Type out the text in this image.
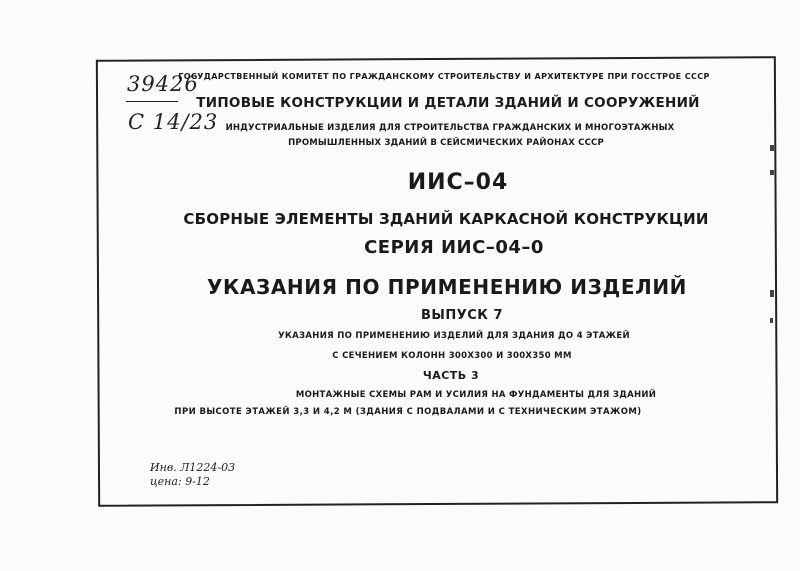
39426
С 14/23
ГОСУДАРСТВЕННЫЙ КОМИТЕТ ПО ГРАЖДАНСКОМУ СТРОИТЕЛЬСТВУ И АРХИТЕКТУРЕ ПРИ ГОССТРОЕ СССР
ТИПОВЫЕ КОНСТРУКЦИИ И ДЕТАЛИ ЗДАНИЙ И СООРУЖЕНИЙ
ИНДУСТРИАЛЬНЫЕ ИЗДЕЛИЯ ДЛЯ СТРОИТЕЛЬСТВА ГРАЖДАНСКИХ И МНОГОЭТАЖНЫХ
ПРОМЫШЛЕННЫХ ЗДАНИЙ В СЕЙСМИЧЕСКИХ РАЙОНАХ СССР
ИИС–04
СБОРНЫЕ ЭЛЕМЕНТЫ ЗДАНИЙ КАРКАСНОЙ КОНСТРУКЦИИ
СЕРИЯ ИИС–04–0
УКАЗАНИЯ ПО ПРИМЕНЕНИЮ ИЗДЕЛИЙ
ВЫПУСК 7
УКАЗАНИЯ ПО ПРИМЕНЕНИЮ ИЗДЕЛИЙ ДЛЯ ЗДАНИЯ ДО 4 ЭТАЖЕЙ
С СЕЧЕНИЕМ КОЛОНН 300Х300 И 300Х350 ММ
ЧАСТЬ 3
МОНТАЖНЫЕ СХЕМЫ РАМ И УСИЛИЯ НА ФУНДАМЕНТЫ ДЛЯ ЗДАНИЙ
ПРИ ВЫСОТЕ ЭТАЖЕЙ 3,3 И 4,2 М (ЗДАНИЯ С ПОДВАЛАМИ И С ТЕХНИЧЕСКИМ ЭТАЖОМ)
Инв. Л1224-03
цена: 9-12
